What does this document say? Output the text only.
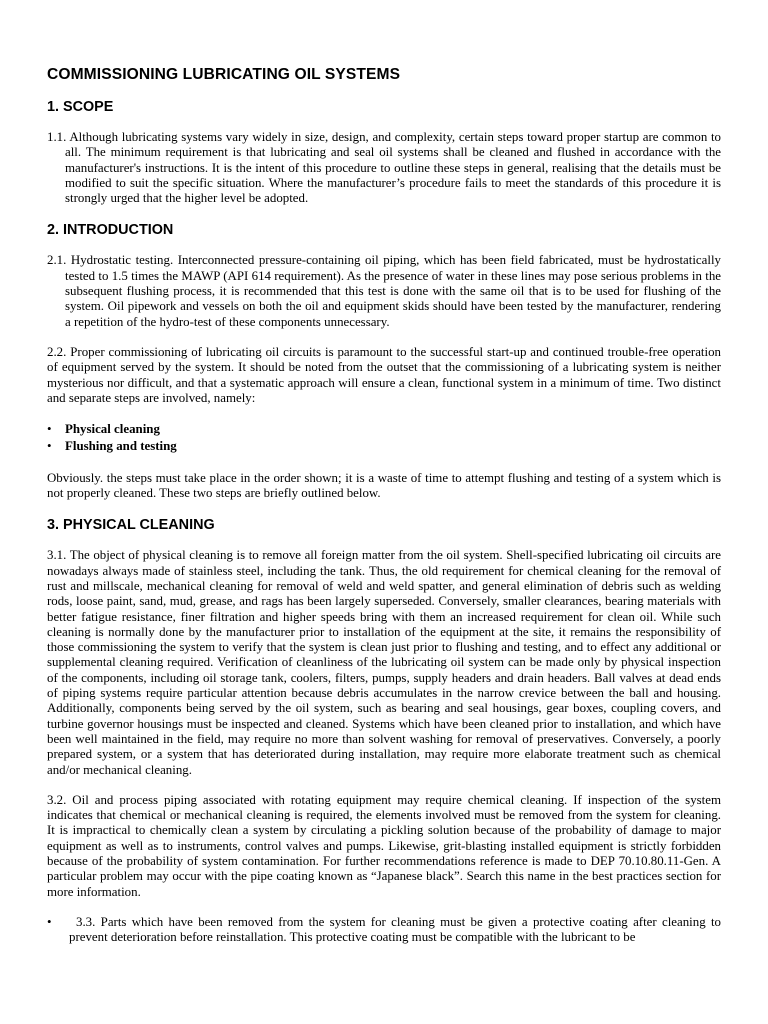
COMMISSIONING LUBRICATING OIL SYSTEMS
1. SCOPE

1.1. Although lubricating systems vary widely in size, design, and complexity, certain steps toward proper startup are common to all. The minimum requirement is that lubricating and seal oil systems shall be cleaned and flushed in accordance with the manufacturer's instructions. It is the intent of this procedure to outline these steps in general, realising that the details must be modified to suit the specific situation. Where the manufacturer’s procedure fails to meet the standards of this procedure it is strongly urged that the higher level be adopted.

2. INTRODUCTION

2.1. Hydrostatic testing. Interconnected pressure-containing oil piping, which has been field fabricated, must be hydrostatically tested to 1.5 times the MAWP (API 614 requirement). As the presence of water in these lines may pose serious problems in the subsequent flushing process, it is recommended that this test is done with the same oil that is to be used for flushing of the system. Oil pipework and vessels on both the oil and equipment skids should have been tested by the manufacturer, rendering a repetition of the hydro-test of these components unnecessary.

2.2. Proper commissioning of lubricating oil circuits is paramount to the successful start-up and continued trouble-free operation of equipment served by the system. It should be noted from the outset that the commissioning of a lubricating system is neither mysterious nor difficult, and that a systematic approach will ensure a clean, functional system in a minimum of time. Two distinct and separate steps are involved, namely:

• Physical cleaning
• Flushing and testing

Obviously. the steps must take place in the order shown; it is a waste of time to attempt flushing and testing of a system which is not properly cleaned. These two steps are briefly outlined below.

3. PHYSICAL CLEANING

3.1. The object of physical cleaning is to remove all foreign matter from the oil system. Shell-specified lubricating oil circuits are nowadays always made of stainless steel, including the tank. Thus, the old requirement for chemical cleaning for the removal of rust and millscale, mechanical cleaning for removal of weld and weld spatter, and general elimination of debris such as welding rods, loose paint, sand, mud, grease, and rags has been largely superseded. Conversely, smaller clearances, bearing materials with better fatigue resistance, finer filtration and higher speeds bring with them an increased requirement for clean oil. While such cleaning is normally done by the manufacturer prior to installation of the equipment at the site, it remains the responsibility of those commissioning the system to verify that the system is clean just prior to flushing and testing, and to effect any additional or supplemental cleaning required. Verification of cleanliness of the lubricating oil system can be made only by physical inspection of the components, including oil storage tank, coolers, filters, pumps, supply headers and drain headers. Ball valves at dead ends of piping systems require particular attention because debris accumulates in the narrow crevice between the ball and housing. Additionally, components being served by the oil system, such as bearing and seal housings, gear boxes, coupling covers, and turbine governor housings must be inspected and cleaned. Systems which have been cleaned prior to installation, and which have been well maintained in the field, may require no more than solvent washing for removal of preservatives. Conversely, a poorly prepared system, or a system that has deteriorated during installation, may require more elaborate treatment such as chemical and/or mechanical cleaning.

3.2. Oil and process piping associated with rotating equipment may require chemical cleaning. If inspection of the system indicates that chemical or mechanical cleaning is required, the elements involved must be removed from the system for cleaning. It is impractical to chemically clean a system by circulating a pickling solution because of the probability of damage to major equipment as well as to instruments, control valves and pumps. Likewise, grit-blasting installed equipment is strictly forbidden because of the probability of system contamination. For further recommendations reference is made to DEP 70.10.80.11-Gen. A particular problem may occur with the pipe coating known as “Japanese black”. Search this name in the best practices section for more information.

•	3.3. Parts which have been removed from the system for cleaning must be given a protective coating after cleaning to prevent deterioration before reinstallation. This protective coating must be compatible with the lubricant to be
